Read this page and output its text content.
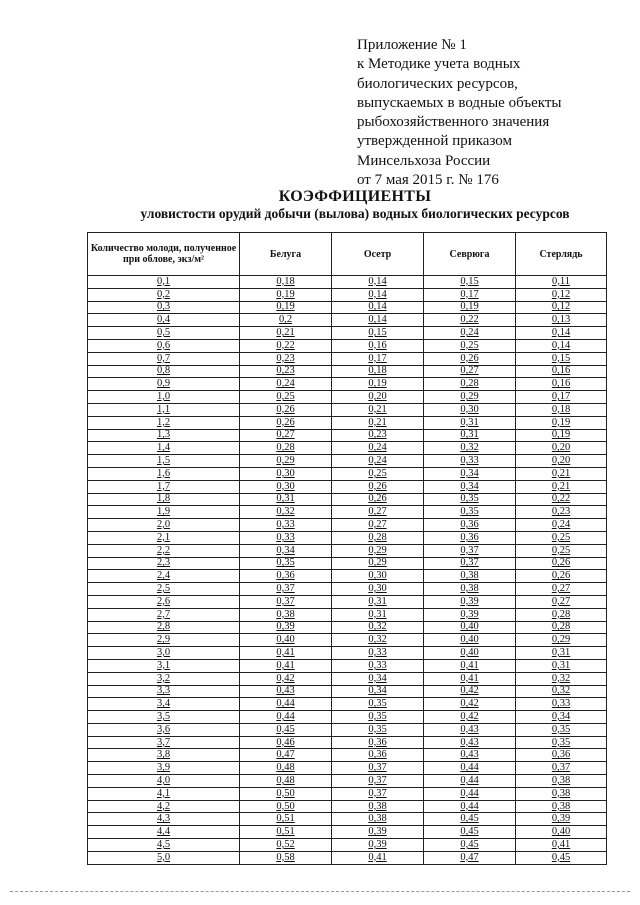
Приложение № 1
к Методике учета водных
биологических ресурсов,
выпускаемых в водные объекты
рыбохозяйственного значения
утвержденной приказом
Минсельхоза России
от 7 мая 2015 г. № 176
КОЭФФИЦИЕНТЫ
уловистости орудий добычи (вылова) водных биологических ресурсов
Количество молоди, полученное при облове, экз/м²	Белуга	Осетр	Севрюга	Стерлядь
0,1	0,18	0,14	0,15	0,11
0,2	0,19	0,14	0,17	0,12
0,3	0,19	0,14	0,19	0,12
0,4	0,2	0,14	0,22	0,13
0,5	0,21	0,15	0,24	0,14
0,6	0,22	0,16	0,25	0,14
0,7	0,23	0,17	0,26	0,15
0,8	0,23	0,18	0,27	0,16
0,9	0,24	0,19	0,28	0,16
1,0	0,25	0,20	0,29	0,17
1,1	0,26	0,21	0,30	0,18
1,2	0,26	0,21	0,31	0,19
1,3	0,27	0,23	0,31	0,19
1,4	0,28	0,24	0,32	0,20
1,5	0,29	0,24	0,33	0,20
1,6	0,30	0,25	0,34	0,21
1,7	0,30	0,26	0,34	0,21
1,8	0,31	0,26	0,35	0,22
1,9	0,32	0,27	0,35	0,23
2,0	0,33	0,27	0,36	0,24
2,1	0,33	0,28	0,36	0,25
2,2	0,34	0,29	0,37	0,25
2,3	0,35	0,29	0,37	0,26
2,4	0,36	0,30	0,38	0,26
2,5	0,37	0,30	0,38	0,27
2,6	0,37	0,31	0,39	0,27
2,7	0,38	0,31	0,39	0,28
2,8	0,39	0,32	0,40	0,28
2,9	0,40	0,32	0,40	0,29
3,0	0,41	0,33	0,40	0,31
3,1	0,41	0,33	0,41	0,31
3,2	0,42	0,34	0,41	0,32
3,3	0,43	0,34	0,42	0,32
3,4	0,44	0,35	0,42	0,33
3,5	0,44	0,35	0,42	0,34
3,6	0,45	0,35	0,43	0,35
3,7	0,46	0,36	0,43	0,35
3,8	0,47	0,36	0,43	0,36
3,9	0,48	0,37	0,44	0,37
4,0	0,48	0,37	0,44	0,38
4,1	0,50	0,37	0,44	0,38
4,2	0,50	0,38	0,44	0,38
4,3	0,51	0,38	0,45	0,39
4,4	0,51	0,39	0,45	0,40
4,5	0,52	0,39	0,45	0,41
5,0	0,58	0,41	0,47	0,45
